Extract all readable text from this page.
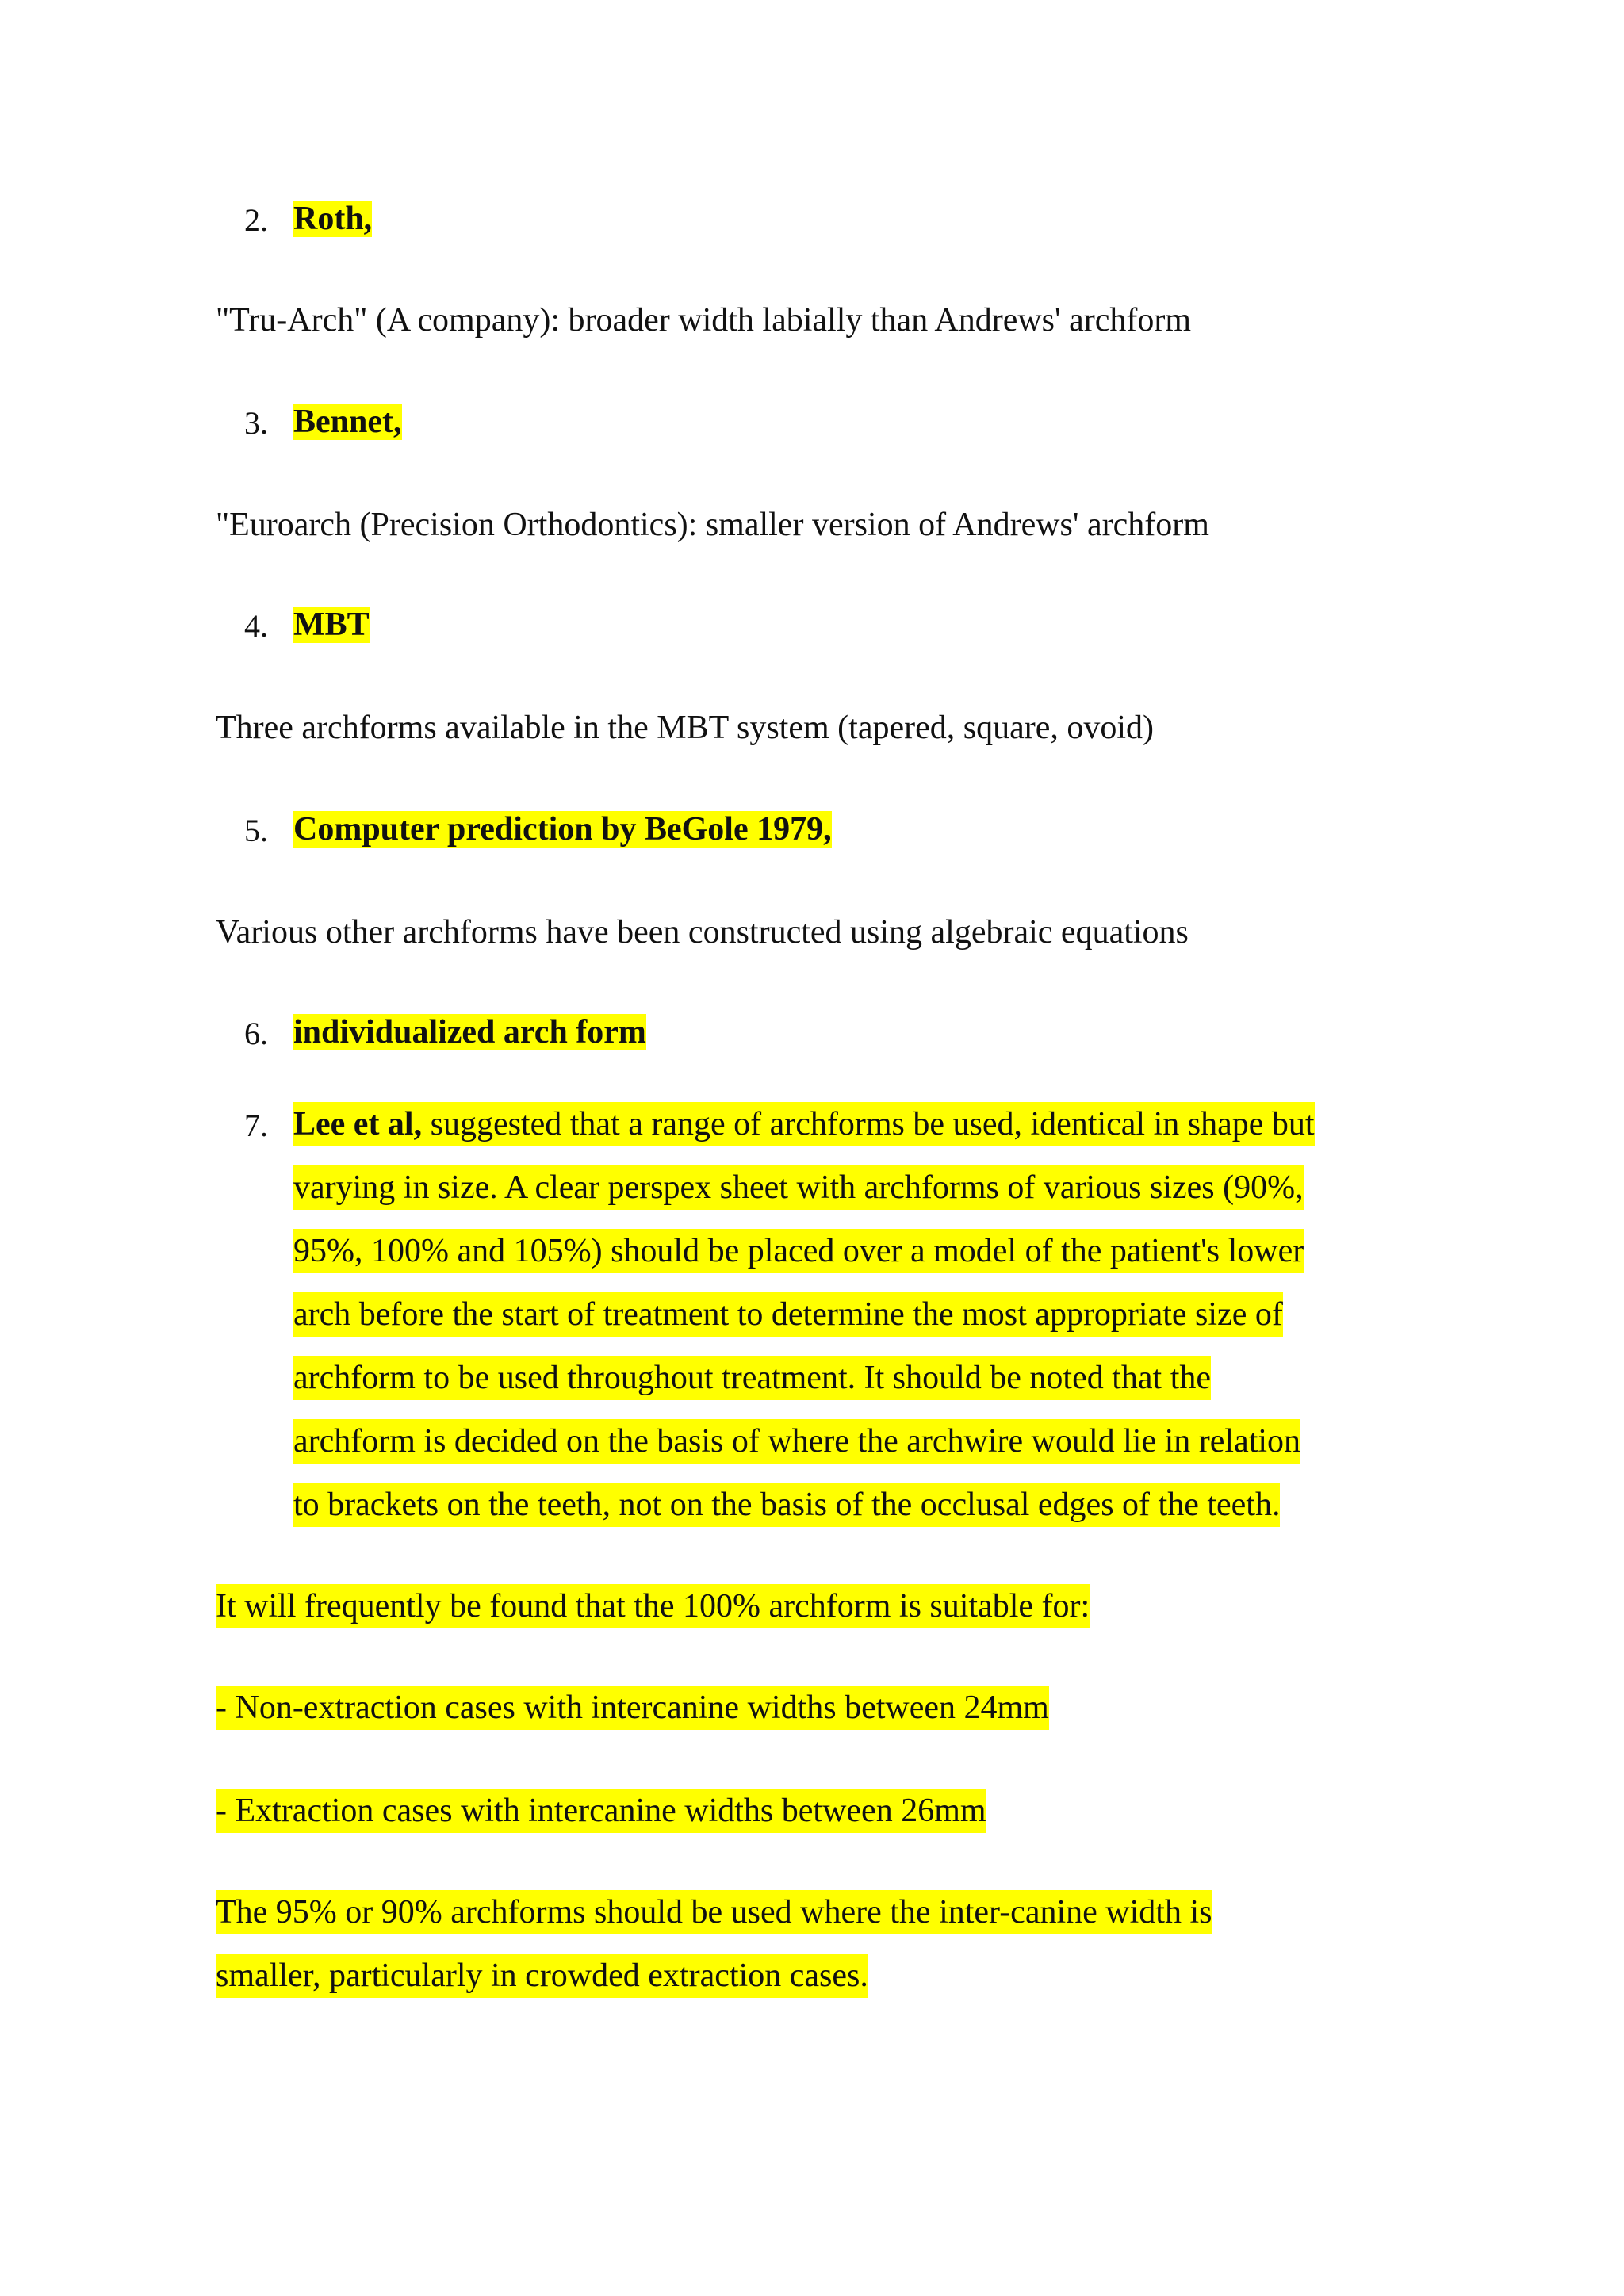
2. Roth,
"Tru-Arch" (A company): broader width labially than Andrews' archform
3. Bennet,
"Euroarch (Precision Orthodontics): smaller version of Andrews' archform
4. MBT
Three archforms available in the MBT system (tapered, square, ovoid)
5. Computer prediction by BeGole 1979,
Various other archforms have been constructed using algebraic equations
6. individualized arch form
7. Lee et al, suggested that a range of archforms be used, identical in shape but
varying in size. A clear perspex sheet with archforms of various sizes (90%,
95%, 100% and 105%) should be placed over a model of the patient's lower
arch before the start of treatment to determine the most appropriate size of
archform to be used throughout treatment. It should be noted that the
archform is decided on the basis of where the archwire would lie in relation
to brackets on the teeth, not on the basis of the occlusal edges of the teeth.
It will frequently be found that the 100% archform is suitable for:
- Non-extraction cases with intercanine widths between 24mm
- Extraction cases with intercanine widths between 26mm
The 95% or 90% archforms should be used where the inter-canine width is
smaller, particularly in crowded extraction cases.
